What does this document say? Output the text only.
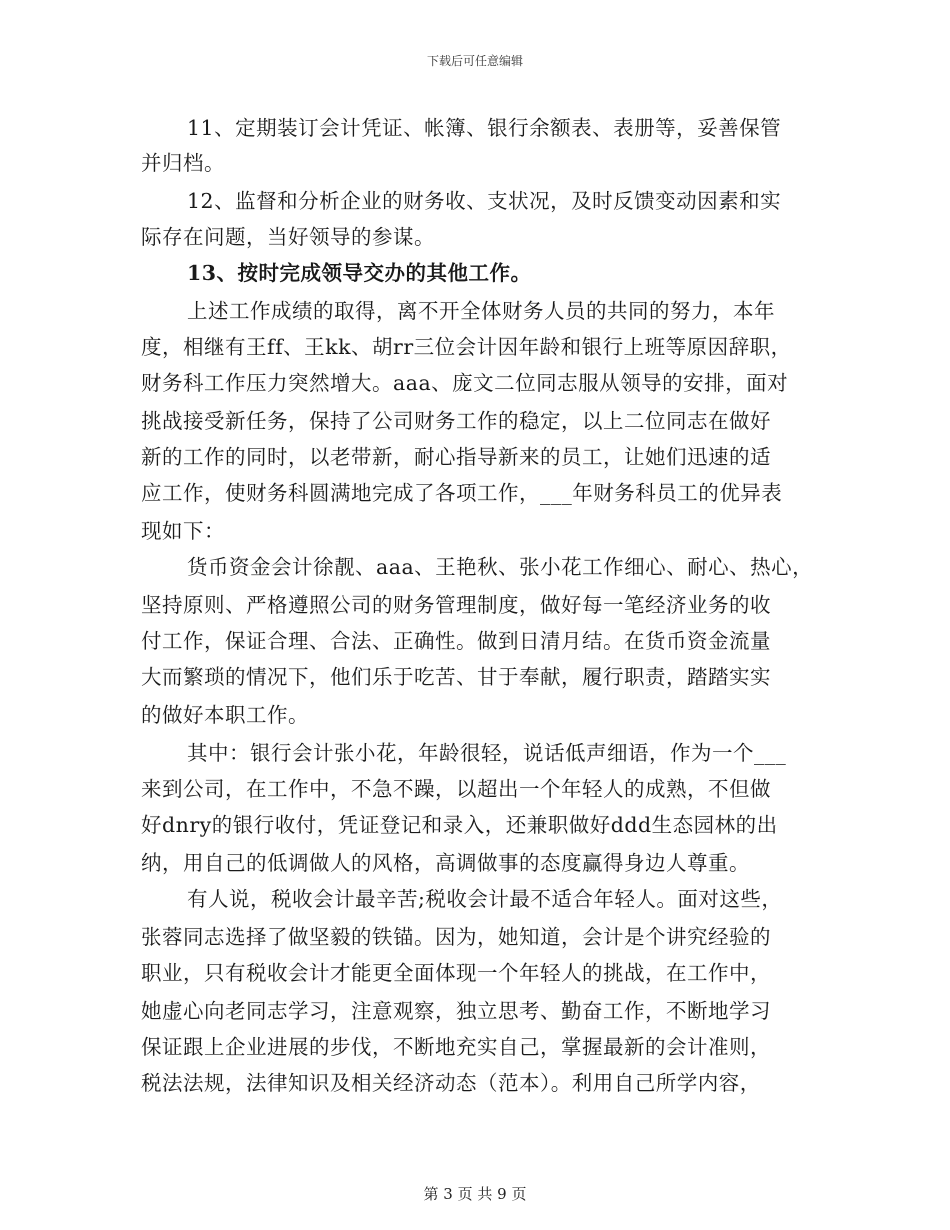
下载后可任意编辑
11、定期装订会计凭证、帐簿、银行余额表、表册等，妥善保管
并归档。
12、监督和分析企业的财务收、支状况，及时反馈变动因素和实
际存在问题，当好领导的参谋。
13、按时完成领导交办的其他工作。
上述工作成绩的取得，离不开全体财务人员的共同的努力，本年
度，相继有王ff、王kk、胡rr三位会计因年龄和银行上班等原因辞职，
财务科工作压力突然增大。aaa、庞文二位同志服从领导的安排，面对
挑战接受新任务，保持了公司财务工作的稳定，以上二位同志在做好
新的工作的同时，以老带新，耐心指导新来的员工，让她们迅速的适
应工作，使财务科圆满地完成了各项工作，___年财务科员工的优异表
现如下：
货币资金会计徐靓、aaa、王艳秋、张小花工作细心、耐心、热心，
坚持原则、严格遵照公司的财务管理制度，做好每一笔经济业务的收
付工作，保证合理、合法、正确性。做到日清月结。在货币资金流量
大而繁琐的情况下，他们乐于吃苦、甘于奉献，履行职责，踏踏实实
的做好本职工作。
其中：银行会计张小花，年龄很轻，说话低声细语，作为一个___
来到公司，在工作中，不急不躁，以超出一个年轻人的成熟，不但做
好dnry的银行收付，凭证登记和录入，还兼职做好ddd生态园林的出
纳，用自己的低调做人的风格，高调做事的态度赢得身边人尊重。
有人说，税收会计最辛苦;税收会计最不适合年轻人。面对这些，
张蓉同志选择了做坚毅的铁锚。因为，她知道，会计是个讲究经验的
职业，只有税收会计才能更全面体现一个年轻人的挑战，在工作中，
她虚心向老同志学习，注意观察，独立思考、勤奋工作，不断地学习
保证跟上企业进展的步伐，不断地充实自己，掌握最新的会计准则，
税法法规，法律知识及相关经济动态（范本）。利用自己所学内容，
第 3 页 共 9 页
